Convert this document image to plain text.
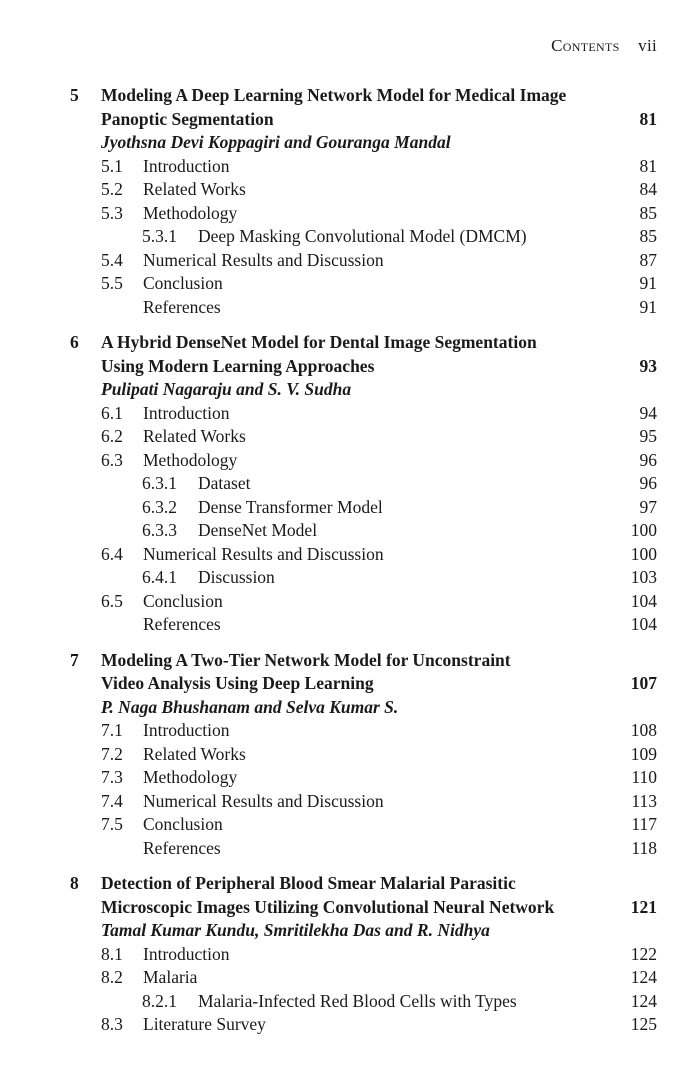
Contents vii
5 Modeling A Deep Learning Network Model for Medical Image
Panoptic Segmentation	81
Jyothsna Devi Koppagiri and Gouranga Mandal
5.1 Introduction	81
5.2 Related Works	84
5.3 Methodology	85
5.3.1 Deep Masking Convolutional Model (DMCM)	85
5.4 Numerical Results and Discussion	87
5.5 Conclusion	91
References	91
6 A Hybrid DenseNet Model for Dental Image Segmentation
Using Modern Learning Approaches	93
Pulipati Nagaraju and S. V. Sudha
6.1 Introduction	94
6.2 Related Works	95
6.3 Methodology	96
6.3.1 Dataset	96
6.3.2 Dense Transformer Model	97
6.3.3 DenseNet Model	100
6.4 Numerical Results and Discussion	100
6.4.1 Discussion	103
6.5 Conclusion	104
References	104
7 Modeling A Two-Tier Network Model for Unconstraint
Video Analysis Using Deep Learning	107
P. Naga Bhushanam and Selva Kumar S.
7.1 Introduction	108
7.2 Related Works	109
7.3 Methodology	110
7.4 Numerical Results and Discussion	113
7.5 Conclusion	117
References	118
8 Detection of Peripheral Blood Smear Malarial Parasitic
Microscopic Images Utilizing Convolutional Neural Network	121
Tamal Kumar Kundu, Smritilekha Das and R. Nidhya
8.1 Introduction	122
8.2 Malaria	124
8.2.1 Malaria-Infected Red Blood Cells with Types	124
8.3 Literature Survey	125
